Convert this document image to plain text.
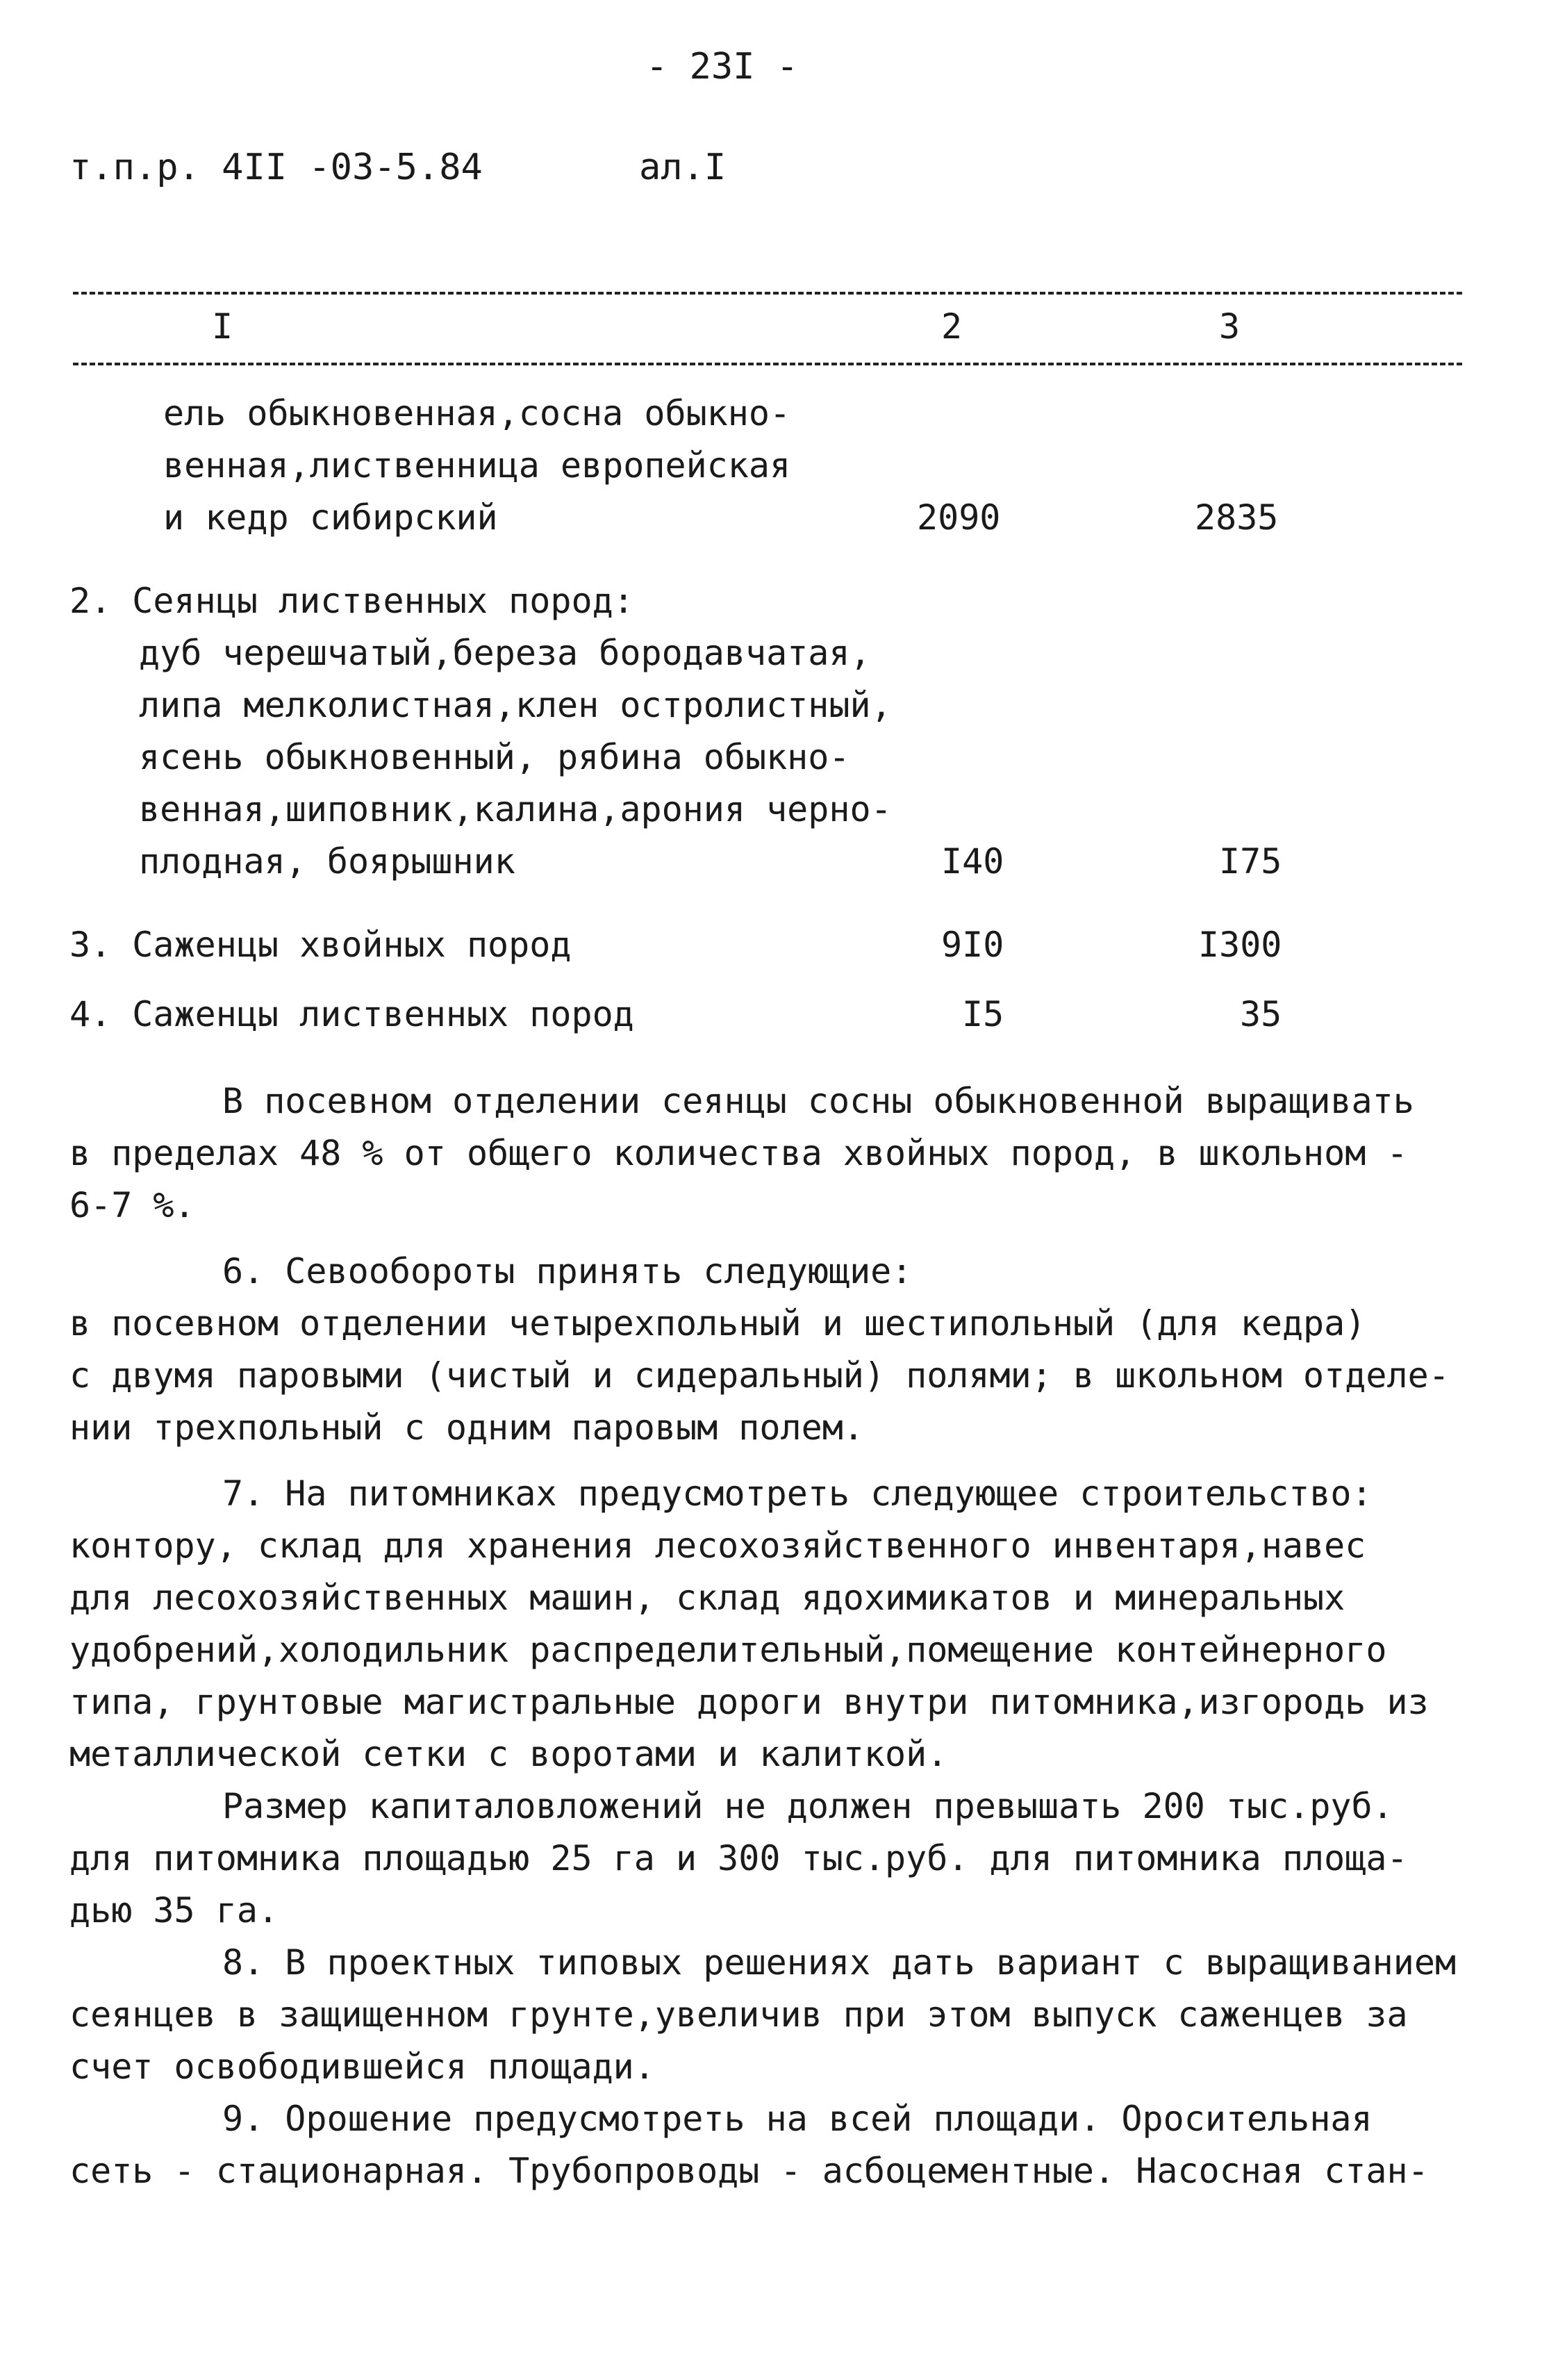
- 23I -
т.п.р. 4II -03-5.84	ал.I
I	2	3
ель обыкновенная,сосна обыкно-
венная,лиственница европейская
и кедр сибирский	2090	2835
2. Сеянцы лиственных пород:
дуб черешчатый,береза бородавчатая,
липа мелколистная,клен остролистный,
ясень обыкновенный, рябина обыкно-
венная,шиповник,калина,арония черно-
плодная, боярышник	I40	I75
3. Саженцы хвойных пород	9I0	I300
4. Саженцы лиственных пород	I5	35
В посевном отделении сеянцы сосны обыкновенной выращивать
в пределах 48 % от общего количества хвойных пород, в школьном -
6-7 %.
6. Севообороты принять следующие:
в посевном отделении четырехпольный и шестипольный (для кедра)
с двумя паровыми (чистый и сидеральный) полями; в школьном отделе-
нии трехпольный с одним паровым полем.
7. На питомниках предусмотреть следующее строительство:
контору, склад для хранения лесохозяйственного инвентаря,навес
для лесохозяйственных машин, склад ядохимикатов и минеральных
удобрений,холодильник распределительный,помещение контейнерного
типа, грунтовые магистральные дороги внутри питомника,изгородь из
металлической сетки с воротами и калиткой.
Размер капиталовложений не должен превышать 200 тыс.руб.
для питомника площадью 25 га и 300 тыс.руб. для питомника площа-
дью 35 га.
8. В проектных типовых решениях дать вариант с выращиванием
сеянцев в защищенном грунте,увеличив при этом выпуск саженцев за
счет освободившейся площади.
9. Орошение предусмотреть на всей площади. Оросительная
сеть - стационарная. Трубопроводы - асбоцементные. Насосная стан-
